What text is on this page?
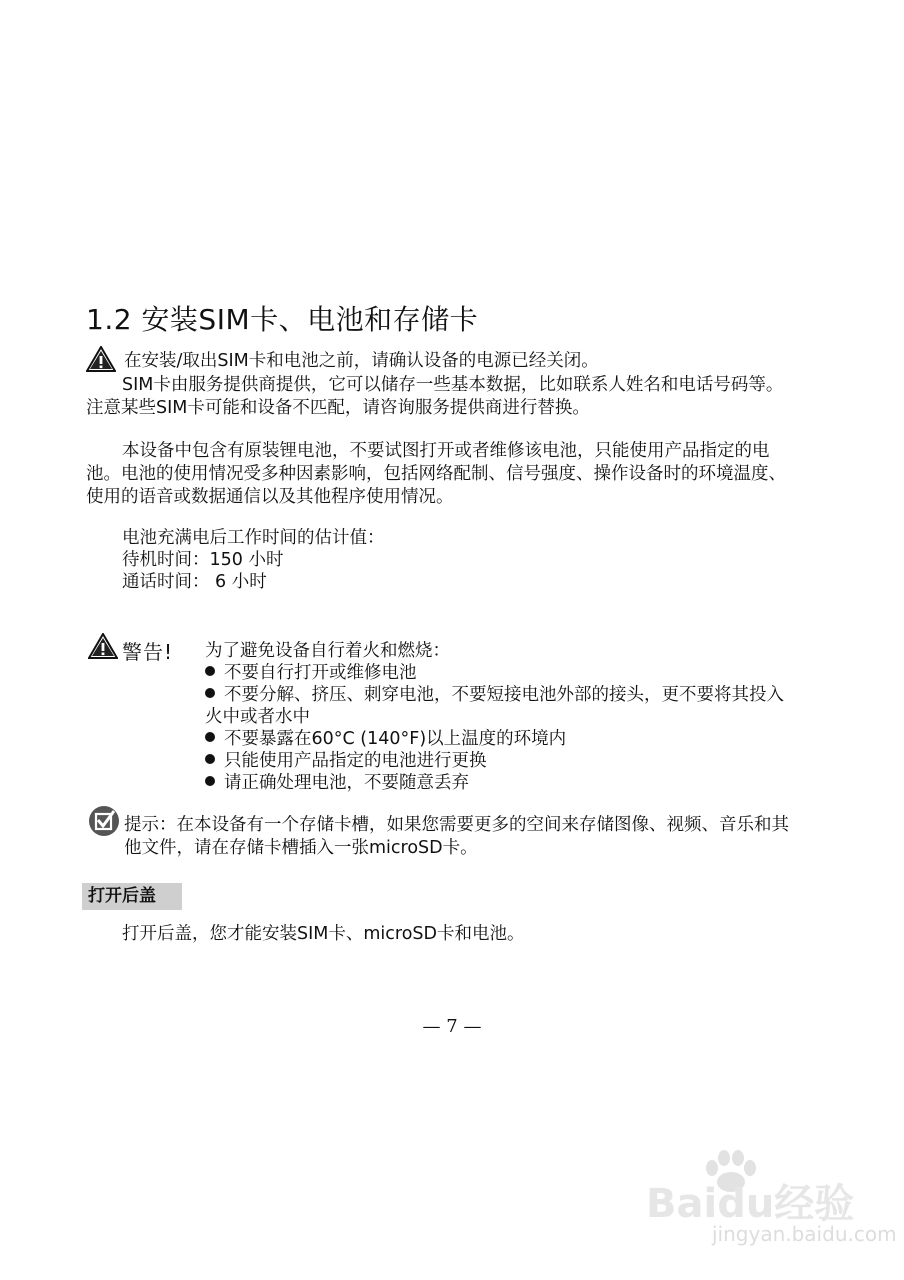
1.2 安装SIM卡、电池和存储卡
在安装/取出SIM卡和电池之前，请确认设备的电源已经关闭。
SIM卡由服务提供商提供，它可以储存一些基本数据，比如联系人姓名和电话号码等。
注意某些SIM卡可能和设备不匹配，请咨询服务提供商进行替换。
本设备中包含有原装锂电池，不要试图打开或者维修该电池，只能使用产品指定的电
池。电池的使用情况受多种因素影响，包括网络配制、信号强度、操作设备时的环境温度、
使用的语音或数据通信以及其他程序使用情况。
电池充满电后工作时间的估计值：
待机时间：150 小时
通话时间： 6 小时
警告! 为了避免设备自行着火和燃烧：
不要自行打开或维修电池
不要分解、挤压、刺穿电池，不要短接电池外部的接头，更不要将其投入
火中或者水中
不要暴露在60°C (140°F)以上温度的环境内
只能使用产品指定的电池进行更换
请正确处理电池，不要随意丢弃
提示：在本设备有一个存储卡槽，如果您需要更多的空间来存储图像、视频、音乐和其
他文件，请在存储卡槽插入一张microSD卡。
打开后盖
打开后盖，您才能安装SIM卡、microSD卡和电池。
— 7 —
Baidu经验
jingyan.baidu.com
